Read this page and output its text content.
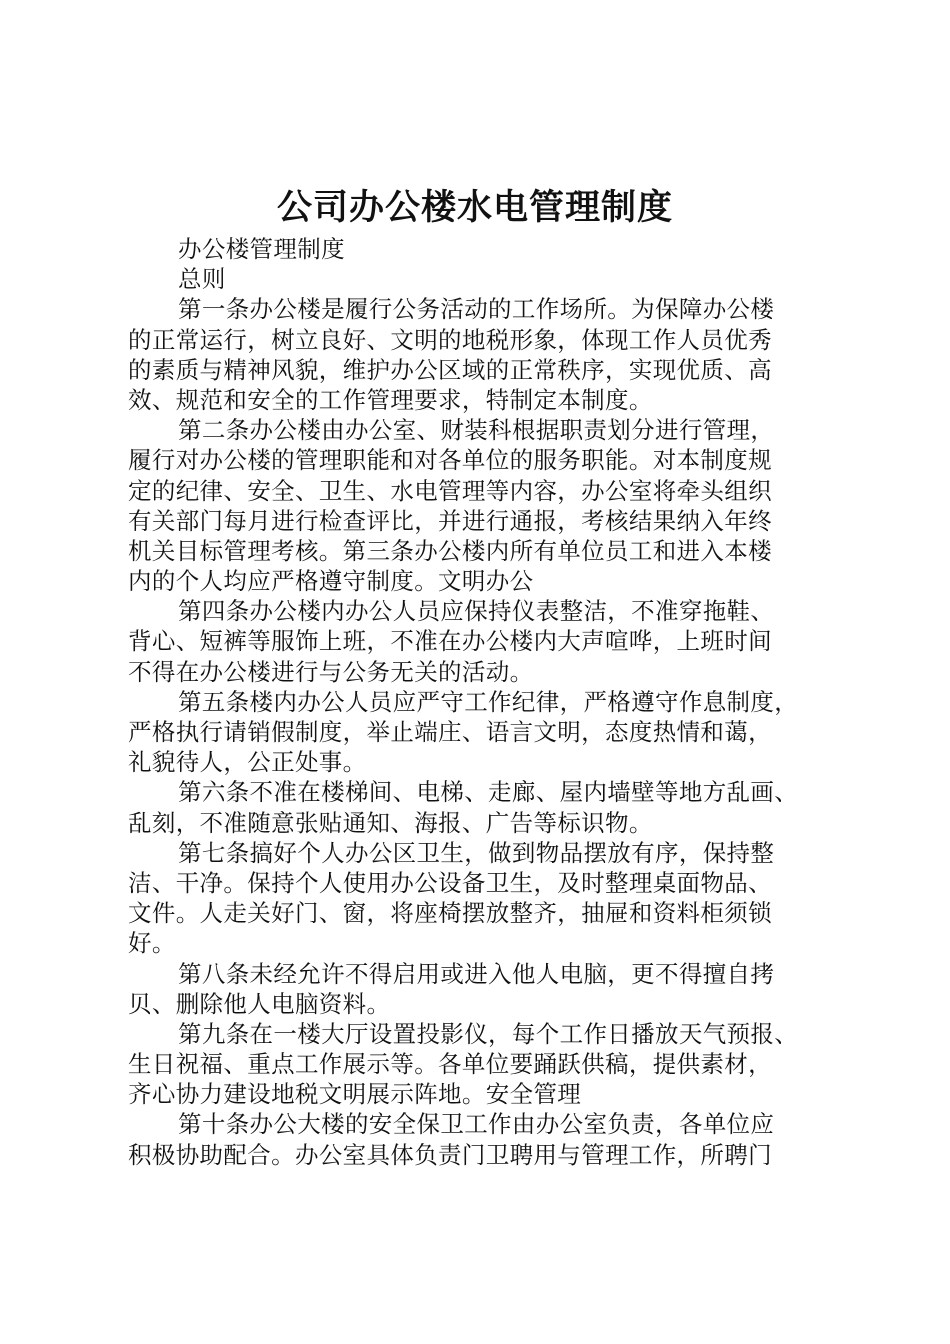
公司办公楼水电管理制度
办公楼管理制度
总则
第一条办公楼是履行公务活动的工作场所。为保障办公楼
的正常运行，树立良好、文明的地税形象，体现工作人员优秀
的素质与精神风貌，维护办公区域的正常秩序，实现优质、高
效、规范和安全的工作管理要求，特制定本制度。
第二条办公楼由办公室、财装科根据职责划分进行管理，
履行对办公楼的管理职能和对各单位的服务职能。对本制度规
定的纪律、安全、卫生、水电管理等内容，办公室将牵头组织
有关部门每月进行检查评比，并进行通报，考核结果纳入年终
机关目标管理考核。第三条办公楼内所有单位员工和进入本楼
内的个人均应严格遵守制度。文明办公
第四条办公楼内办公人员应保持仪表整洁，不准穿拖鞋、
背心、短裤等服饰上班，不准在办公楼内大声喧哗，上班时间
不得在办公楼进行与公务无关的活动。
第五条楼内办公人员应严守工作纪律，严格遵守作息制度，
严格执行请销假制度，举止端庄、语言文明，态度热情和蔼，
礼貌待人，公正处事。
第六条不准在楼梯间、电梯、走廊、屋内墙壁等地方乱画、
乱刻，不准随意张贴通知、海报、广告等标识物。
第七条搞好个人办公区卫生，做到物品摆放有序，保持整
洁、干净。保持个人使用办公设备卫生，及时整理桌面物品、
文件。人走关好门、窗，将座椅摆放整齐，抽屉和资料柜须锁
好。
第八条未经允许不得启用或进入他人电脑，更不得擅自拷
贝、删除他人电脑资料。
第九条在一楼大厅设置投影仪，每个工作日播放天气预报、
生日祝福、重点工作展示等。各单位要踊跃供稿，提供素材，
齐心协力建设地税文明展示阵地。安全管理
第十条办公大楼的安全保卫工作由办公室负责，各单位应
积极协助配合。办公室具体负责门卫聘用与管理工作，所聘门
